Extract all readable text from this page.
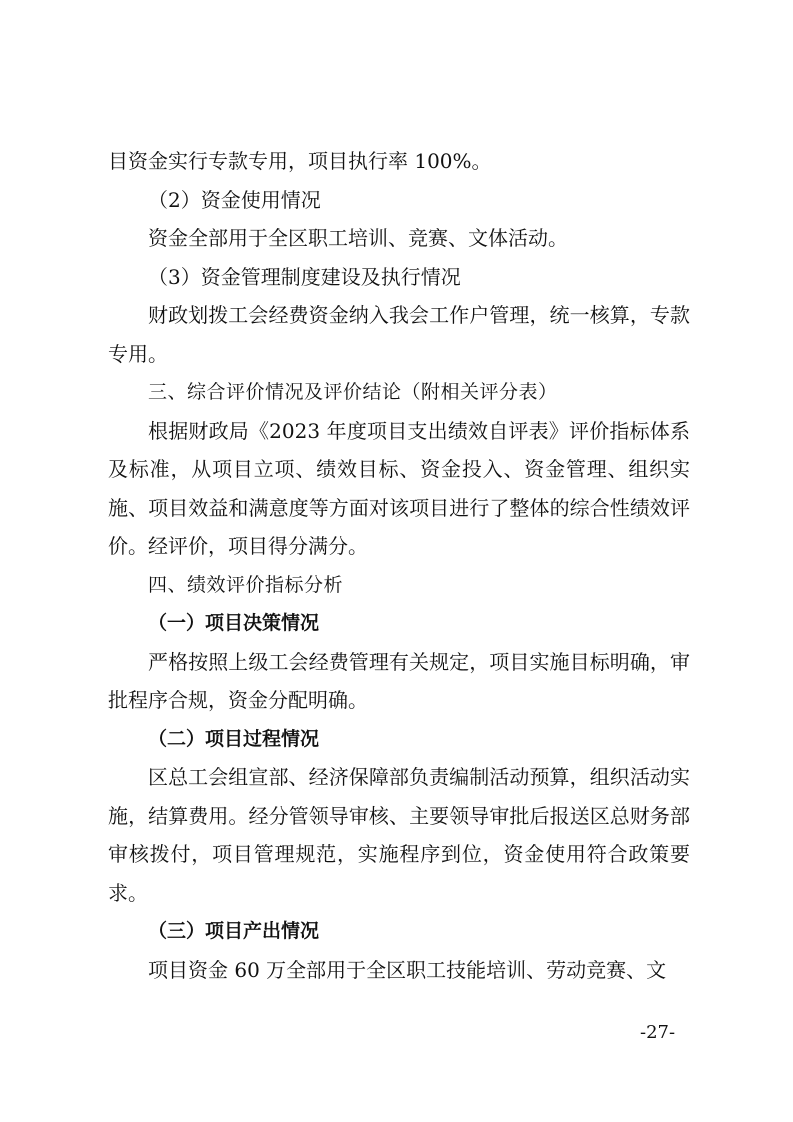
目资金实行专款专用，项目执行率 100%。

（2）资金使用情况

资金全部用于全区职工培训、竞赛、文体活动。

（3）资金管理制度建设及执行情况

财政划拨工会经费资金纳入我会工作户管理，统一核算，专款专用。

三、综合评价情况及评价结论（附相关评分表）

根据财政局《2023 年度项目支出绩效自评表》评价指标体系及标准，从项目立项、绩效目标、资金投入、资金管理、组织实施、项目效益和满意度等方面对该项目进行了整体的综合性绩效评价。经评价，项目得分满分。

四、绩效评价指标分析

（一）项目决策情况

严格按照上级工会经费管理有关规定，项目实施目标明确，审批程序合规，资金分配明确。

（二）项目过程情况

区总工会组宣部、经济保障部负责编制活动预算，组织活动实施，结算费用。经分管领导审核、主要领导审批后报送区总财务部审核拨付，项目管理规范，实施程序到位，资金使用符合政策要求。

（三）项目产出情况

项目资金 60 万全部用于全区职工技能培训、劳动竞赛、文

-27-
